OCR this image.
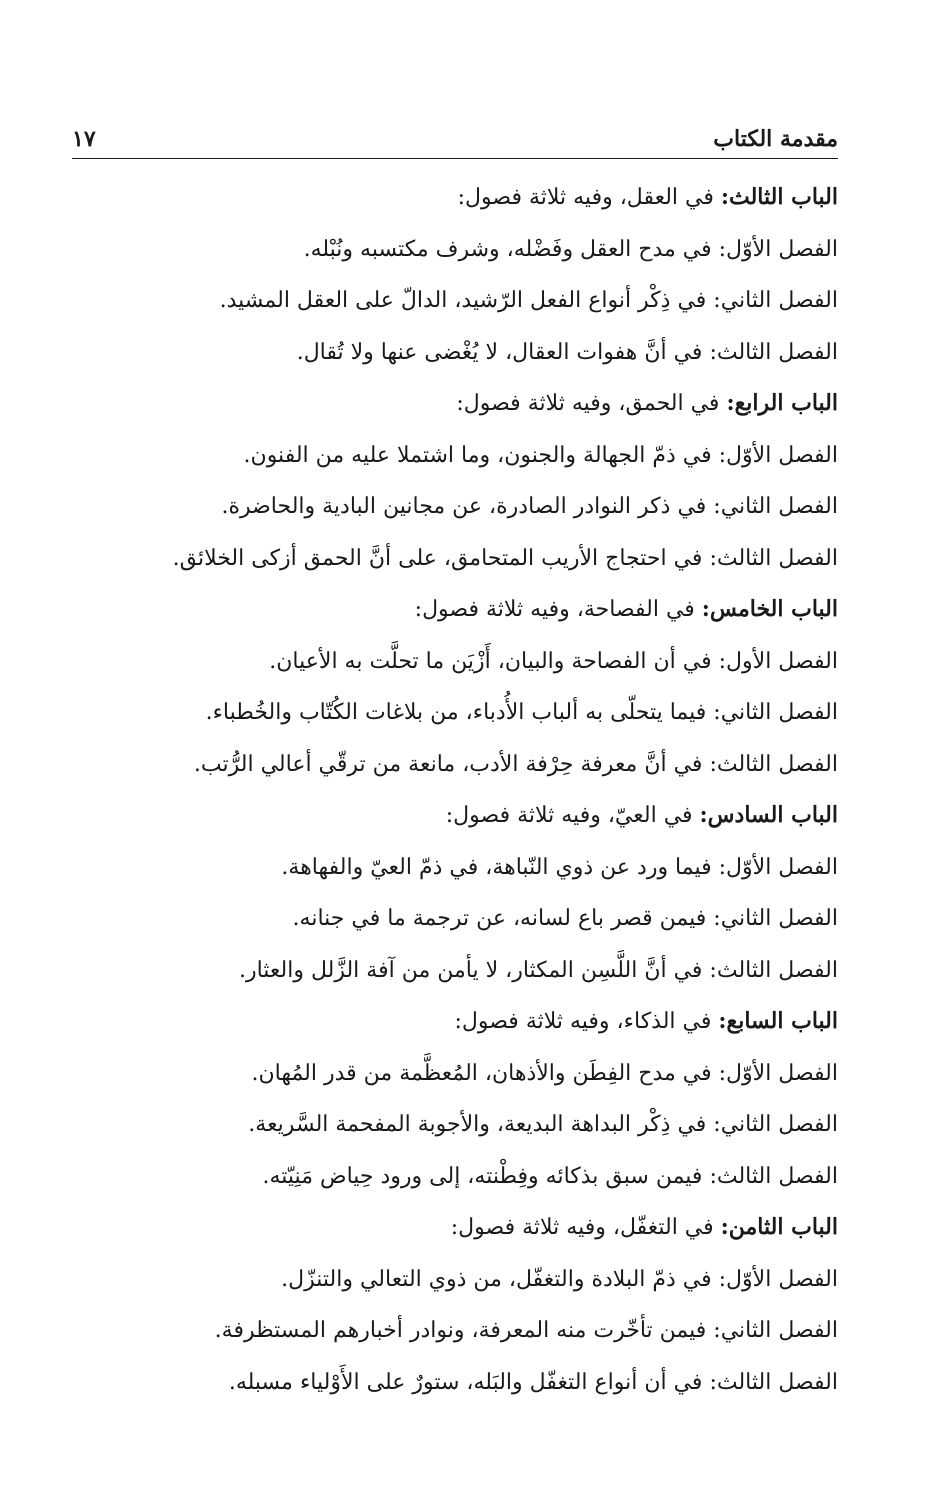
مقدمة الكتاب
١٧
الباب الثالث: في العقل، وفيه ثلاثة فصول:
الفصل الأوّل: في مدح العقل وفَضْله، وشرف مكتسبه ونُبْله.
الفصل الثاني: في ذِكْر أنواع الفعل الرّشيد، الدالّ على العقل المشيد.
الفصل الثالث: في أنَّ هفوات العقال، لا يُغْضى عنها ولا تُقال.
الباب الرابع: في الحمق، وفيه ثلاثة فصول:
الفصل الأوّل: في ذمّ الجهالة والجنون، وما اشتملا عليه من الفنون.
الفصل الثاني: في ذكر النوادر الصادرة، عن مجانين البادية والحاضرة.
الفصل الثالث: في احتجاج الأريب المتحامق، على أنَّ الحمق أزكى الخلائق.
الباب الخامس: في الفصاحة، وفيه ثلاثة فصول:
الفصل الأول: في أن الفصاحة والبيان، أَزْيَن ما تحلَّت به الأعيان.
الفصل الثاني: فيما يتحلّى به ألباب الأُدباء، من بلاغات الكُتّاب والخُطباء.
الفصل الثالث: في أنَّ معرفة حِرْفة الأدب، مانعة من ترقّي أعالي الرُّتب.
الباب السادس: في العيّ، وفيه ثلاثة فصول:
الفصل الأوّل: فيما ورد عن ذوي النّباهة، في ذمّ العيّ والفهاهة.
الفصل الثاني: فيمن قصر باع لسانه، عن ترجمة ما في جنانه.
الفصل الثالث: في أنَّ اللَّسِن المكثار، لا يأمن من آفة الزَّلل والعثار.
الباب السابع: في الذكاء، وفيه ثلاثة فصول:
الفصل الأوّل: في مدح الفِطَن والأذهان، المُعظَّمة من قدر المُهان.
الفصل الثاني: في ذِكْر البداهة البديعة، والأجوبة المفحمة السَّريعة.
الفصل الثالث: فيمن سبق بذكائه وفِطْنته، إلى ورود حِياض مَنِيّته.
الباب الثامن: في التغفّل، وفيه ثلاثة فصول:
الفصل الأوّل: في ذمّ البلادة والتغفّل، من ذوي التعالي والتنزّل.
الفصل الثاني: فيمن تأخّرت منه المعرفة، ونوادر أخبارهم المستظرفة.
الفصل الثالث: في أن أنواع التغفّل والبَله، ستورٌ على الأَوْلياء مسبله.
